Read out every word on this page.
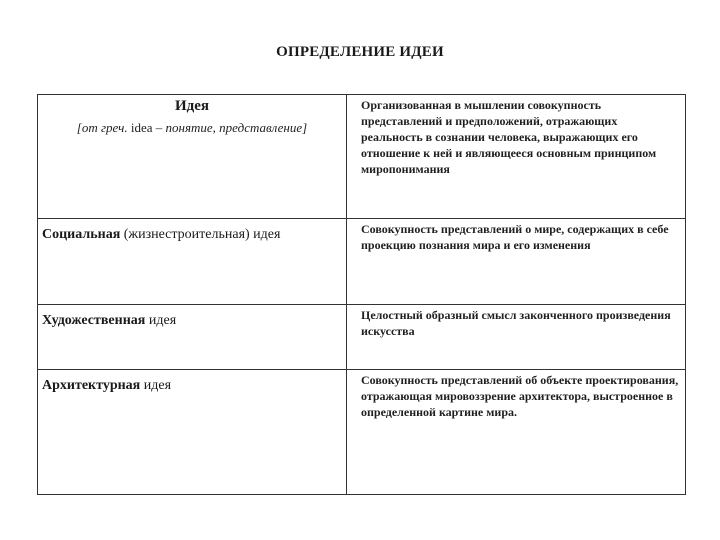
ОПРЕДЕЛЕНИЕ ИДЕИ
Идея
[от греч. idea – понятие, представление]	Организованная в мышлении совокупность представлений и предположений, отражающих реальность в сознании человека, выражающих его отношение к ней и являющееся основным принципом миропонимания
Социальная (жизнестроительная) идея	Совокупность представлений о мире, содержащих в себе проекцию познания мира и его изменения
Художественная идея	Целостный образный смысл законченного произведения искусства
Архитектурная идея	Совокупность представлений об объекте проектирования, отражающая мировоззрение архитектора, выстроенное в определенной картине мира.
